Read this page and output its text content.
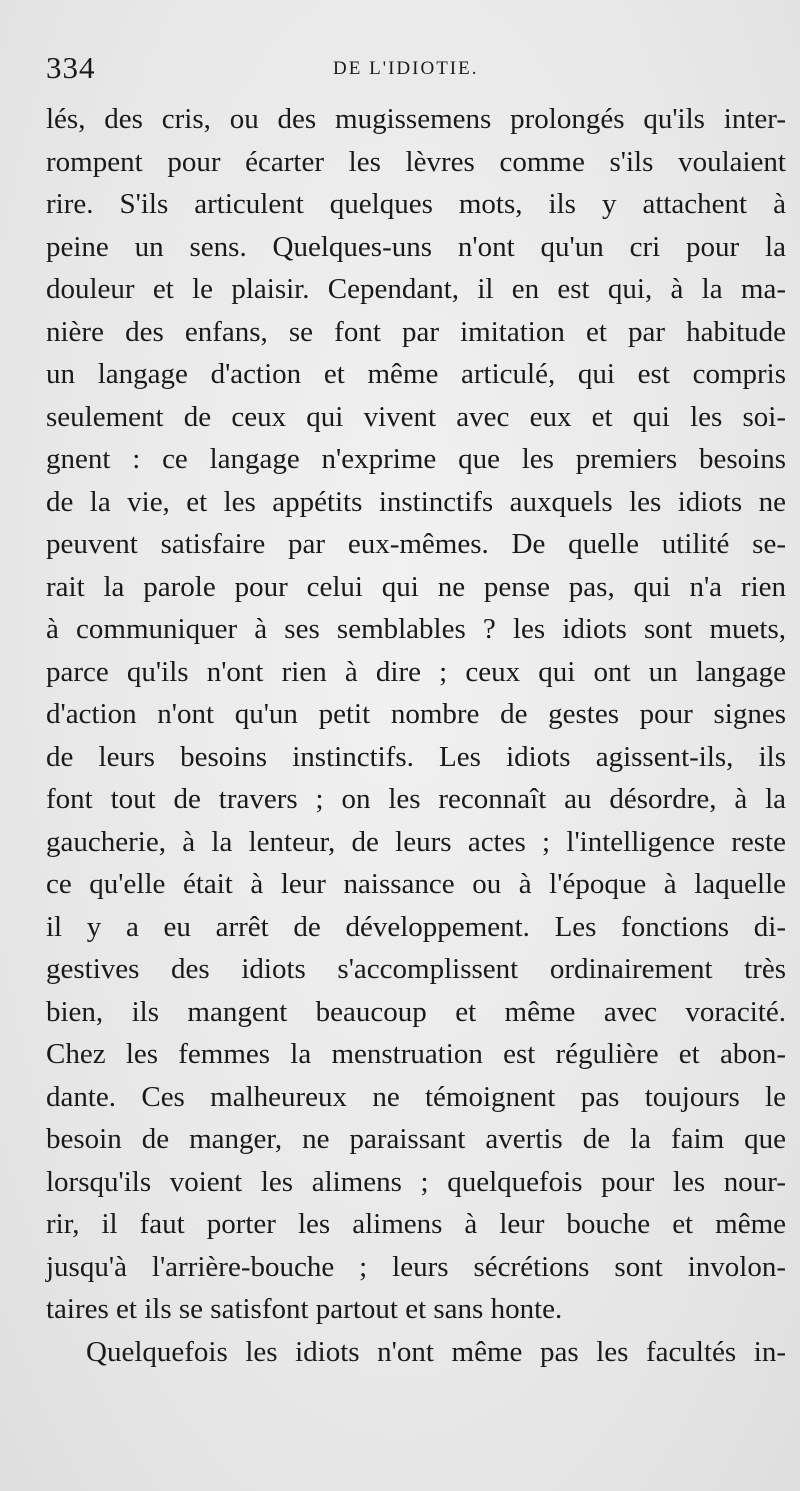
334	DE L'IDIOTIE.
lés, des cris, ou des mugissemens prolongés qu'ils inter-
rompent pour écarter les lèvres comme s'ils voulaient
rire. S'ils articulent quelques mots, ils y attachent à
peine un sens. Quelques-uns n'ont qu'un cri pour la
douleur et le plaisir. Cependant, il en est qui, à la ma-
nière des enfans, se font par imitation et par habitude
un langage d'action et même articulé, qui est compris
seulement de ceux qui vivent avec eux et qui les soi-
gnent : ce langage n'exprime que les premiers besoins
de la vie, et les appétits instinctifs auxquels les idiots ne
peuvent satisfaire par eux-mêmes. De quelle utilité se-
rait la parole pour celui qui ne pense pas, qui n'a rien
à communiquer à ses semblables ? les idiots sont muets,
parce qu'ils n'ont rien à dire ; ceux qui ont un langage
d'action n'ont qu'un petit nombre de gestes pour signes
de leurs besoins instinctifs. Les idiots agissent-ils, ils
font tout de travers ; on les reconnaît au désordre, à la
gaucherie, à la lenteur, de leurs actes ; l'intelligence reste
ce qu'elle était à leur naissance ou à l'époque à laquelle
il y a eu arrêt de développement. Les fonctions di-
gestives des idiots s'accomplissent ordinairement très
bien, ils mangent beaucoup et même avec voracité.
Chez les femmes la menstruation est régulière et abon-
dante. Ces malheureux ne témoignent pas toujours le
besoin de manger, ne paraissant avertis de la faim que
lorsqu'ils voient les alimens ; quelquefois pour les nour-
rir, il faut porter les alimens à leur bouche et même
jusqu'à l'arrière-bouche ; leurs sécrétions sont involon-
taires et ils se satisfont partout et sans honte.
Quelquefois les idiots n'ont même pas les facultés in-
